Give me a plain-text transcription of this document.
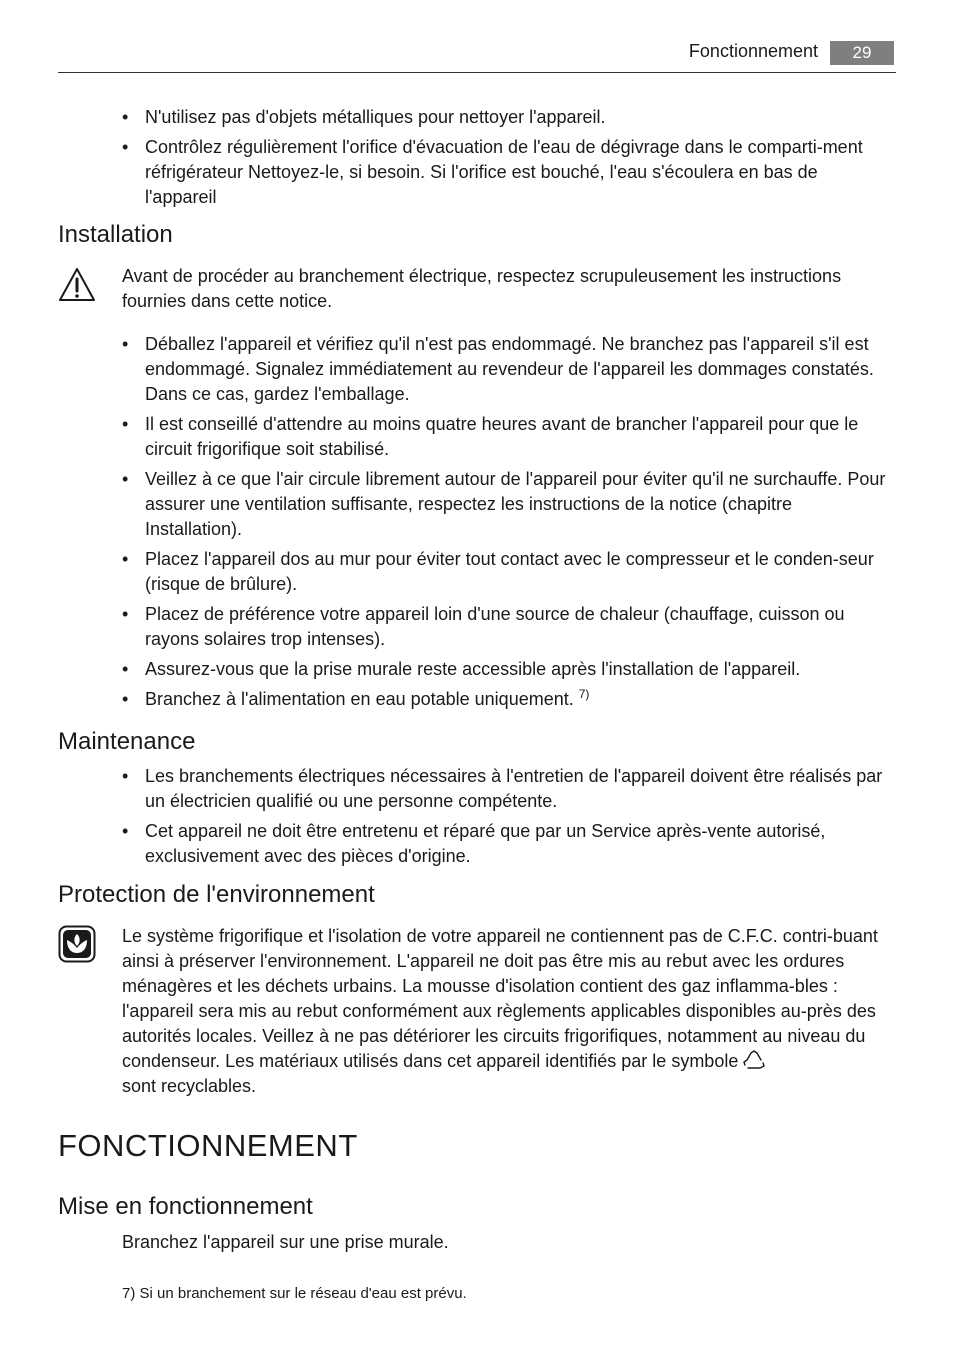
Fonctionnement	29
• N'utilisez pas d'objets métalliques pour nettoyer l'appareil.
• Contrôlez régulièrement l'orifice d'évacuation de l'eau de dégivrage dans le comparti-ment réfrigérateur Nettoyez-le, si besoin. Si l'orifice est bouché, l'eau s'écoulera en bas de l'appareil
Installation
Avant de procéder au branchement électrique, respectez scrupuleusement les instructions fournies dans cette notice.
• Déballez l'appareil et vérifiez qu'il n'est pas endommagé. Ne branchez pas l'appareil s'il est endommagé. Signalez immédiatement au revendeur de l'appareil les dommages constatés. Dans ce cas, gardez l'emballage.
• Il est conseillé d'attendre au moins quatre heures avant de brancher l'appareil pour que le circuit frigorifique soit stabilisé.
• Veillez à ce que l'air circule librement autour de l'appareil pour éviter qu'il ne surchauffe. Pour assurer une ventilation suffisante, respectez les instructions de la notice (chapitre Installation).
• Placez l'appareil dos au mur pour éviter tout contact avec le compresseur et le conden-seur (risque de brûlure).
• Placez de préférence votre appareil loin d'une source de chaleur (chauffage, cuisson ou rayons solaires trop intenses).
• Assurez-vous que la prise murale reste accessible après l'installation de l'appareil.
• Branchez à l'alimentation en eau potable uniquement. $^{7)}$
Maintenance
• Les branchements électriques nécessaires à l'entretien de l'appareil doivent être réalisés par un électricien qualifié ou une personne compétente.
• Cet appareil ne doit être entretenu et réparé que par un Service après-vente autorisé, exclusivement avec des pièces d'origine.
Protection de l'environnement
Le système frigorifique et l'isolation de votre appareil ne contiennent pas de C.F.C. contri-buant ainsi à préserver l'environnement. L'appareil ne doit pas être mis au rebut avec les ordures ménagères et les déchets urbains. La mousse d'isolation contient des gaz inflamma-bles : l'appareil sera mis au rebut conformément aux règlements applicables disponibles au-près des autorités locales. Veillez à ne pas détériorer les circuits frigorifiques, notamment au niveau du condenseur. Les matériaux utilisés dans cet appareil identifiés par le symbole
sont recyclables.
FONCTIONNEMENT
Mise en fonctionnement
Branchez l'appareil sur une prise murale.
7) Si un branchement sur le réseau d'eau est prévu.
